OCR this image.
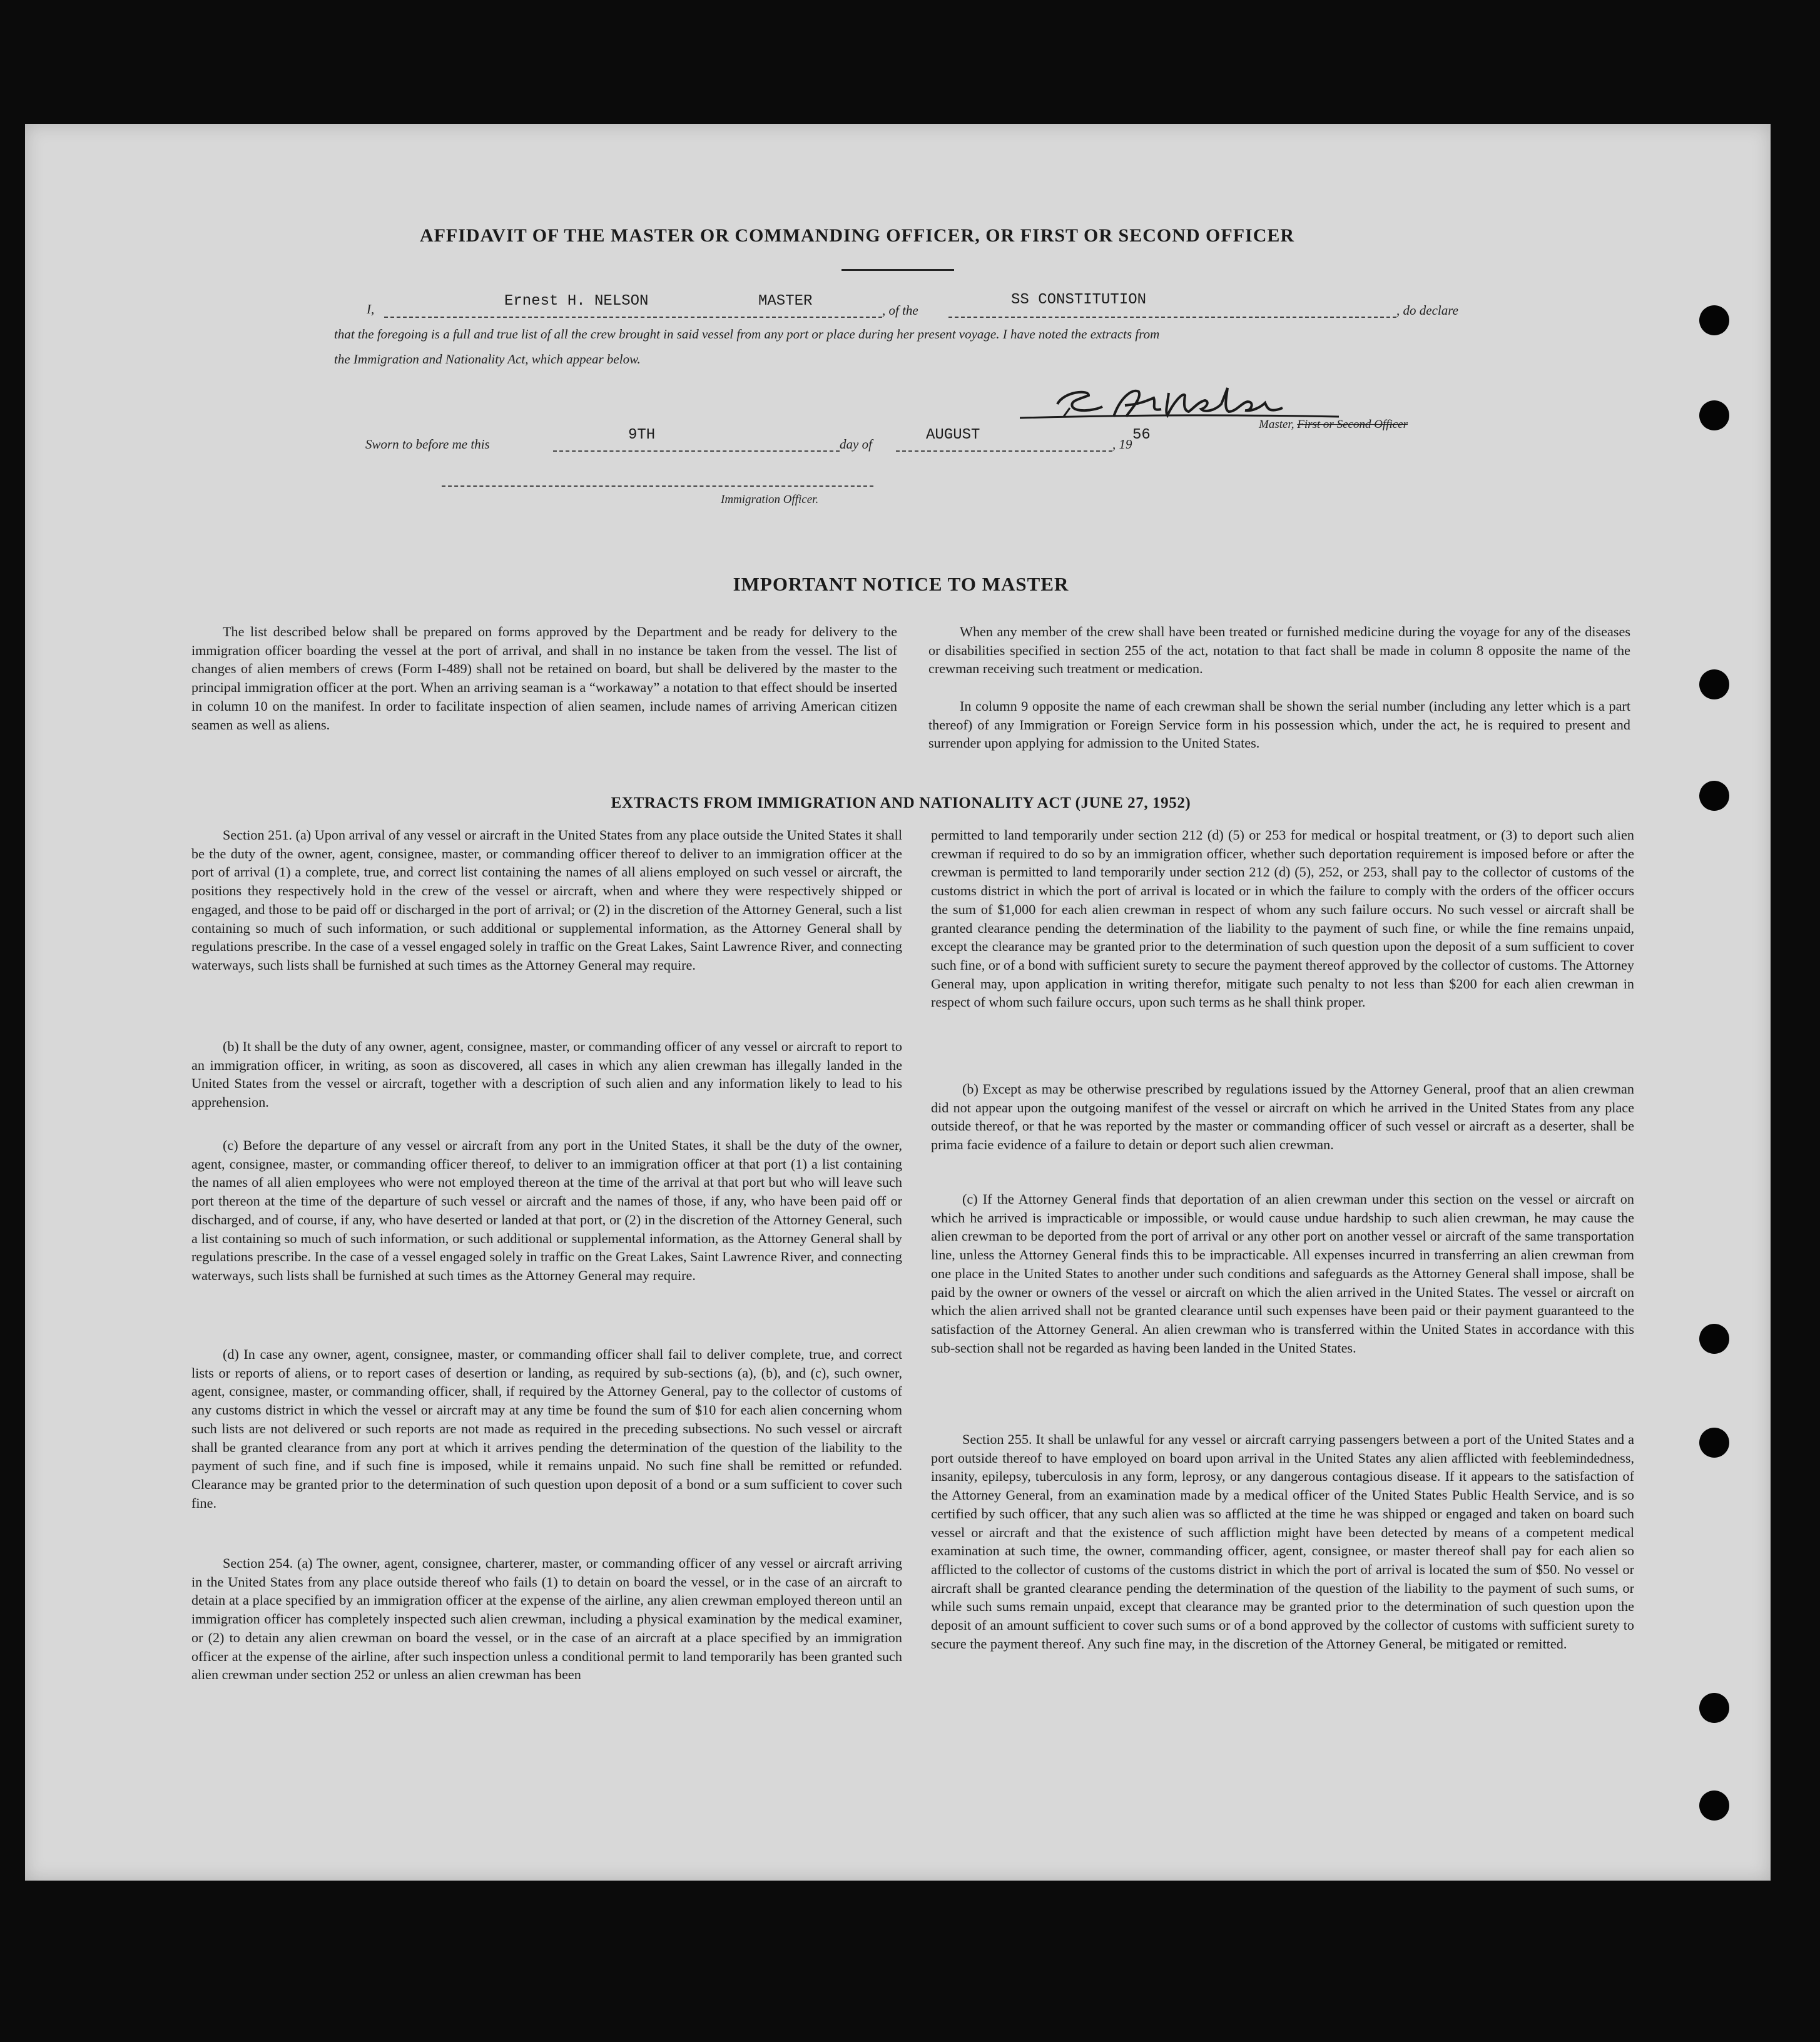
AFFIDAVIT OF THE MASTER OR COMMANDING OFFICER, OR FIRST OR SECOND OFFICER
I,	Ernest H. NELSON	MASTER
, of the
SS CONSTITUTION
, do declare
that the foregoing is a full and true list of all the crew brought in said vessel from any port or place during her present voyage. I have noted the extracts from
the Immigration and Nationality Act, which appear below.
Master, First or Second Officer
Sworn to before me this
9TH
day of
AUGUST
, 19
56
Immigration Officer.
IMPORTANT NOTICE TO MASTER

The list described below shall be prepared on forms approved by the Department and be ready for delivery to the immigration officer boarding the vessel at the port of arrival, and shall in no instance be taken from the vessel. The list of changes of alien members of crews (Form I-489) shall not be retained on board, but shall be delivered by the master to the principal immigration officer at the port. When an arriving seaman is a “workaway” a notation to that effect should be inserted in column 10 on the manifest. In order to facilitate inspection of alien seamen, include names of arriving American citizen seamen as well as aliens.

When any member of the crew shall have been treated or furnished medicine during the voyage for any of the diseases or disabilities specified in section 255 of the act, notation to that fact shall be made in column 8 opposite the name of the crewman receiving such treatment or medication.

In column 9 opposite the name of each crewman shall be shown the serial number (including any letter which is a part thereof) of any Immigration or Foreign Service form in his possession which, under the act, he is required to present and surrender upon applying for admission to the United States.

EXTRACTS FROM IMMIGRATION AND NATIONALITY ACT (JUNE 27, 1952)

Section 251. (a) Upon arrival of any vessel or aircraft in the United States from any place outside the United States it shall be the duty of the owner, agent, consignee, master, or commanding officer thereof to deliver to an immigration officer at the port of arrival (1) a complete, true, and correct list containing the names of all aliens employed on such vessel or aircraft, the positions they respectively hold in the crew of the vessel or aircraft, when and where they were respectively shipped or engaged, and those to be paid off or discharged in the port of arrival; or (2) in the discretion of the Attorney General, such a list containing so much of such information, or such additional or supplemental information, as the Attorney General shall by regulations prescribe. In the case of a vessel engaged solely in traffic on the Great Lakes, Saint Lawrence River, and connecting waterways, such lists shall be furnished at such times as the Attorney General may require.

(b) It shall be the duty of any owner, agent, consignee, master, or commanding officer of any vessel or aircraft to report to an immigration officer, in writing, as soon as discovered, all cases in which any alien crewman has illegally landed in the United States from the vessel or aircraft, together with a description of such alien and any information likely to lead to his apprehension.

(c) Before the departure of any vessel or aircraft from any port in the United States, it shall be the duty of the owner, agent, consignee, master, or commanding officer thereof, to deliver to an immigration officer at that port (1) a list containing the names of all alien employees who were not employed thereon at the time of the arrival at that port but who will leave such port thereon at the time of the departure of such vessel or aircraft and the names of those, if any, who have been paid off or discharged, and of course, if any, who have deserted or landed at that port, or (2) in the discretion of the Attorney General, such a list containing so much of such information, or such additional or supplemental information, as the Attorney General shall by regulations prescribe. In the case of a vessel engaged solely in traffic on the Great Lakes, Saint Lawrence River, and connecting waterways, such lists shall be furnished at such times as the Attorney General may require.

(d) In case any owner, agent, consignee, master, or commanding officer shall fail to deliver complete, true, and correct lists or reports of aliens, or to report cases of desertion or landing, as required by sub-sections (a), (b), and (c), such owner, agent, consignee, master, or commanding officer, shall, if required by the Attorney General, pay to the collector of customs of any customs district in which the vessel or aircraft may at any time be found the sum of $10 for each alien concerning whom such lists are not delivered or such reports are not made as required in the preceding subsections. No such vessel or aircraft shall be granted clearance from any port at which it arrives pending the determination of the question of the liability to the payment of such fine, and if such fine is imposed, while it remains unpaid. No such fine shall be remitted or refunded. Clearance may be granted prior to the determination of such question upon deposit of a bond or a sum sufficient to cover such fine.

Section 254. (a) The owner, agent, consignee, charterer, master, or commanding officer of any vessel or aircraft arriving in the United States from any place outside thereof who fails (1) to detain on board the vessel, or in the case of an aircraft to detain at a place specified by an immigration officer at the expense of the airline, any alien crewman employed thereon until an immigration officer has completely inspected such alien crewman, including a physical examination by the medical examiner, or (2) to detain any alien crewman on board the vessel, or in the case of an aircraft at a place specified by an immigration officer at the expense of the airline, after such inspection unless a conditional permit to land temporarily has been granted such alien crewman under section 252 or unless an alien crewman has been

permitted to land temporarily under section 212 (d) (5) or 253 for medical or hospital treatment, or (3) to deport such alien crewman if required to do so by an immigration officer, whether such deportation requirement is imposed before or after the crewman is permitted to land temporarily under section 212 (d) (5), 252, or 253, shall pay to the collector of customs of the customs district in which the port of arrival is located or in which the failure to comply with the orders of the officer occurs the sum of $1,000 for each alien crewman in respect of whom any such failure occurs. No such vessel or aircraft shall be granted clearance pending the determination of the liability to the payment of such fine, or while the fine remains unpaid, except the clearance may be granted prior to the determination of such question upon the deposit of a sum sufficient to cover such fine, or of a bond with sufficient surety to secure the payment thereof approved by the collector of customs. The Attorney General may, upon application in writing therefor, mitigate such penalty to not less than $200 for each alien crewman in respect of whom such failure occurs, upon such terms as he shall think proper.

(b) Except as may be otherwise prescribed by regulations issued by the Attorney General, proof that an alien crewman did not appear upon the outgoing manifest of the vessel or aircraft on which he arrived in the United States from any place outside thereof, or that he was reported by the master or commanding officer of such vessel or aircraft as a deserter, shall be prima facie evidence of a failure to detain or deport such alien crewman.

(c) If the Attorney General finds that deportation of an alien crewman under this section on the vessel or aircraft on which he arrived is impracticable or impossible, or would cause undue hardship to such alien crewman, he may cause the alien crewman to be deported from the port of arrival or any other port on another vessel or aircraft of the same transportation line, unless the Attorney General finds this to be impracticable. All expenses incurred in transferring an alien crewman from one place in the United States to another under such conditions and safeguards as the Attorney General shall impose, shall be paid by the owner or owners of the vessel or aircraft on which the alien arrived in the United States. The vessel or aircraft on which the alien arrived shall not be granted clearance until such expenses have been paid or their payment guaranteed to the satisfaction of the Attorney General. An alien crewman who is transferred within the United States in accordance with this sub-section shall not be regarded as having been landed in the United States.

Section 255. It shall be unlawful for any vessel or aircraft carrying passengers between a port of the United States and a port outside thereof to have employed on board upon arrival in the United States any alien afflicted with feeblemindedness, insanity, epilepsy, tuberculosis in any form, leprosy, or any dangerous contagious disease. If it appears to the satisfaction of the Attorney General, from an examination made by a medical officer of the United States Public Health Service, and is so certified by such officer, that any such alien was so afflicted at the time he was shipped or engaged and taken on board such vessel or aircraft and that the existence of such affliction might have been detected by means of a competent medical examination at such time, the owner, commanding officer, agent, consignee, or master thereof shall pay for each alien so afflicted to the collector of customs of the customs district in which the port of arrival is located the sum of $50. No vessel or aircraft shall be granted clearance pending the determination of the question of the liability to the payment of such sums, or while such sums remain unpaid, except that clearance may be granted prior to the determination of such question upon the deposit of an amount sufficient to cover such sums or of a bond approved by the collector of customs with sufficient surety to secure the payment thereof. Any such fine may, in the discretion of the Attorney General, be mitigated or remitted.
